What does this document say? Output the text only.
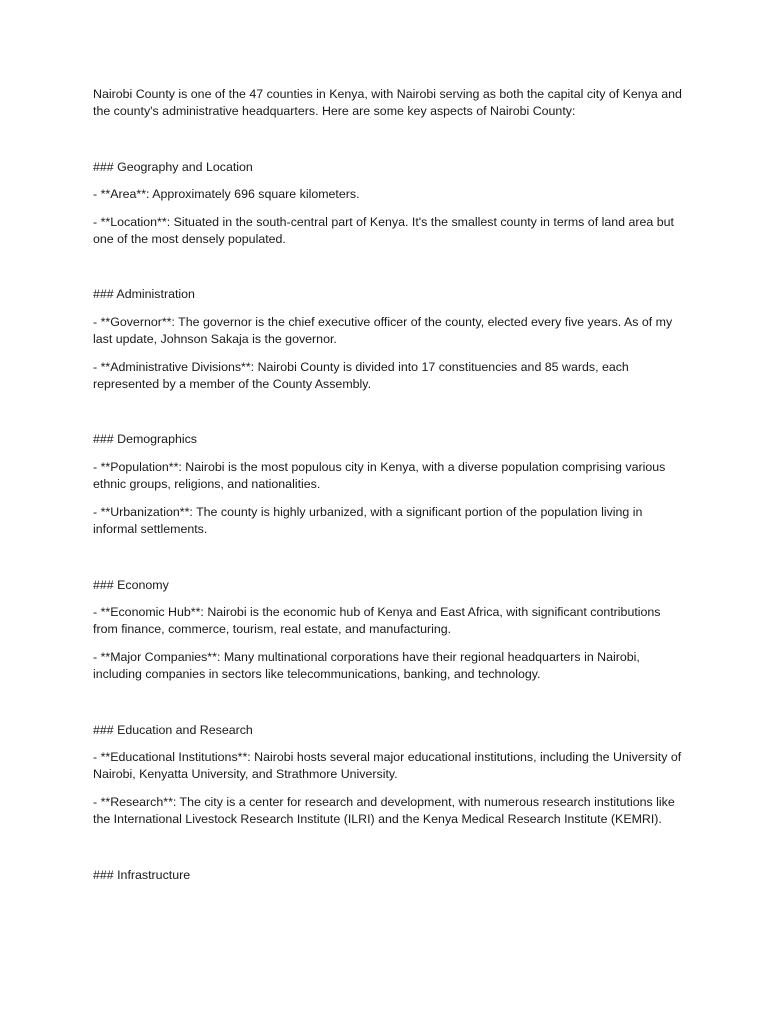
Nairobi County is one of the 47 counties in Kenya, with Nairobi serving as both the capital city of Kenya and the county's administrative headquarters. Here are some key aspects of Nairobi County:

### Geography and Location

- **Area**: Approximately 696 square kilometers.

- **Location**: Situated in the south-central part of Kenya. It's the smallest county in terms of land area but one of the most densely populated.

### Administration

- **Governor**: The governor is the chief executive officer of the county, elected every five years. As of my last update, Johnson Sakaja is the governor.

- **Administrative Divisions**: Nairobi County is divided into 17 constituencies and 85 wards, each represented by a member of the County Assembly.

### Demographics

- **Population**: Nairobi is the most populous city in Kenya, with a diverse population comprising various ethnic groups, religions, and nationalities.

- **Urbanization**: The county is highly urbanized, with a significant portion of the population living in informal settlements.

### Economy

- **Economic Hub**: Nairobi is the economic hub of Kenya and East Africa, with significant contributions from finance, commerce, tourism, real estate, and manufacturing.

- **Major Companies**: Many multinational corporations have their regional headquarters in Nairobi, including companies in sectors like telecommunications, banking, and technology.

### Education and Research

- **Educational Institutions**: Nairobi hosts several major educational institutions, including the University of Nairobi, Kenyatta University, and Strathmore University.

- **Research**: The city is a center for research and development, with numerous research institutions like the International Livestock Research Institute (ILRI) and the Kenya Medical Research Institute (KEMRI).

### Infrastructure
